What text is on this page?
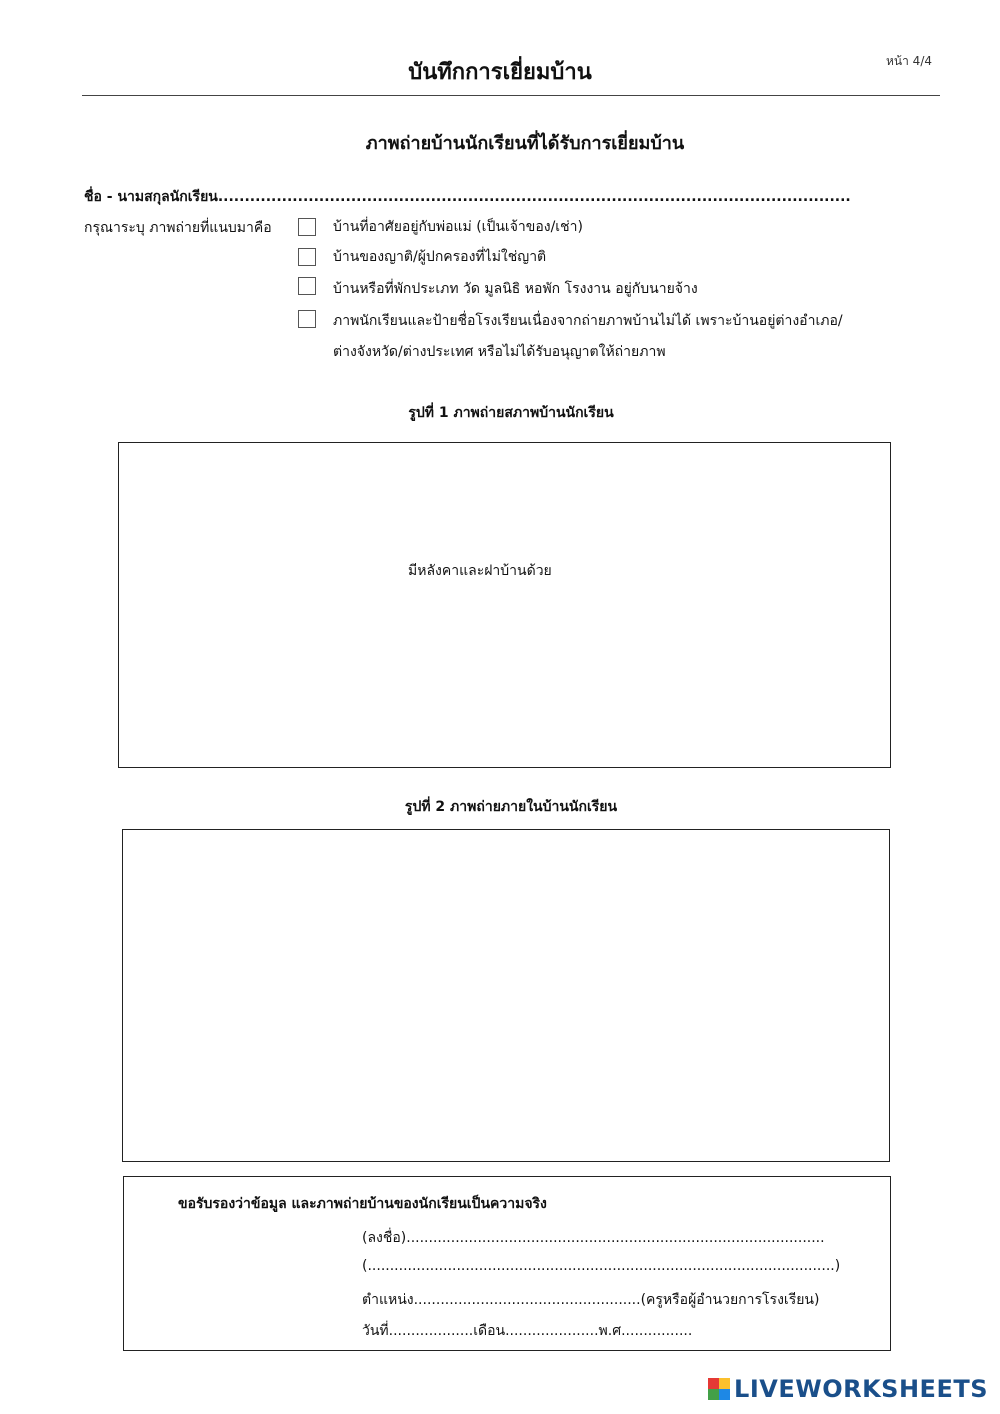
บันทึกการเยี่ยมบ้าน	หน้า 4/4
ภาพถ่ายบ้านนักเรียนที่ได้รับการเยี่ยมบ้าน
ชื่อ - นามสกุลนักเรียน.......................................................................................................................
กรุณาระบุ ภาพถ่ายที่แนบมาคือ	บ้านที่อาศัยอยู่กับพ่อแม่ (เป็นเจ้าของ/เช่า)
บ้านของญาติ/ผู้ปกครองที่ไม่ใช่ญาติ
บ้านหรือที่พักประเภท วัด มูลนิธิ หอพัก โรงงาน อยู่กับนายจ้าง
ภาพนักเรียนและป้ายชื่อโรงเรียนเนื่องจากถ่ายภาพบ้านไม่ได้ เพราะบ้านอยู่ต่างอำเภอ/
ต่างจังหวัด/ต่างประเทศ หรือไม่ได้รับอนุญาตให้ถ่ายภาพ
รูปที่ 1 ภาพถ่ายสภาพบ้านนักเรียน
มีหลังคาและฝาบ้านด้วย
รูปที่ 2 ภาพถ่ายภายในบ้านนักเรียน
ขอรับรองว่าข้อมูล และภาพถ่ายบ้านของนักเรียนเป็นความจริง
(ลงชื่อ)..............................................................................................
(.........................................................................................................)
ตำแหน่ง...................................................(ครูหรือผู้อำนวยการโรงเรียน)
วันที่...................เดือน.....................พ.ศ................
LIVEWORKSHEETS
